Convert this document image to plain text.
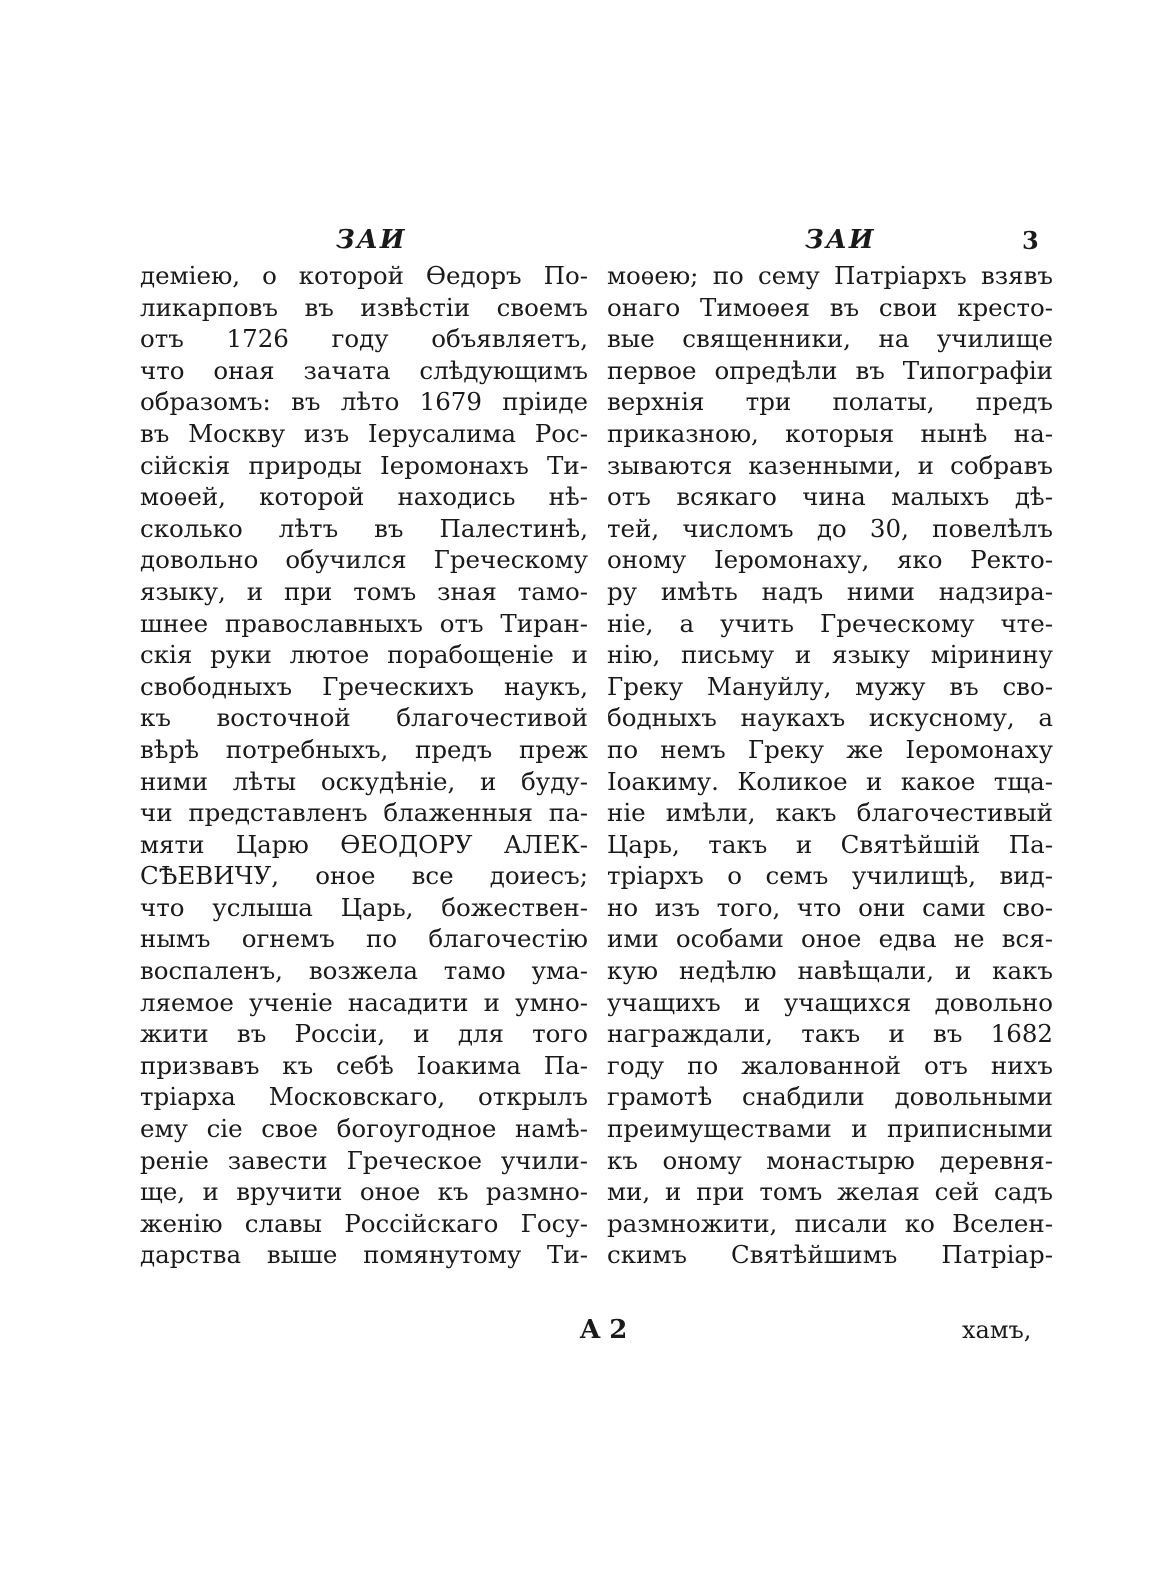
ЗАИ	ЗАИ	3
деміею, о которой Ѳедоръ По-
ликарповъ въ извѣстіи своемъ
отъ 1726 году объявляетъ,
что оная зачата слѣдующимъ
образомъ: въ лѣто 1679 пріиде
въ Москву изъ Іерусалима Рос-
сійскія природы Іеромонахъ Ти-
моѳей, которой находись нѣ-
сколько лѣтъ въ Палестинѣ,
довольно обучился Греческому
языку, и при томъ зная тамо-
шнее православныхъ отъ Тиран-
скія руки лютое порабощеніе и
свободныхъ Греческихъ наукъ,
къ восточной благочестивой
вѣрѣ потребныхъ, предъ преж
ними лѣты оскудѣніе, и буду-
чи представленъ блаженныя па-
мяти Царю ѲЕОДОРУ АЛЕК-
СѢЕВИЧУ, оное все доиесъ;
что услыша Царь, божествен-
нымъ огнемъ по благочестію
воспаленъ, возжела тамо ума-
ляемое ученіе насадити и умно-
жити въ Россіи, и для того
призвавъ къ себѣ Іоакима Па-
тріарха Московскаго, открылъ
ему сіе свое богоугодное намѣ-
реніе завести Греческое учили-
ще, и вручити оное къ размно-
женію славы Россійскаго Госу-
дарства выше помянутому Ти-
моѳею; по сему Патріархъ взявъ
онаго Тимоѳея въ свои кресто-
вые священники, на училище
первое опредѣли въ Типографіи
верхнія три полаты, предъ
приказною, которыя нынѣ на-
зываются казенными, и собравъ
отъ всякаго чина малыхъ дѣ-
тей, числомъ до 30, повелѣлъ
оному Іеромонаху, яко Ректо-
ру имѣть надъ ними надзира-
ніе, а учить Греческому чте-
нію, письму и языку міринину
Греку Мануйлу, мужу въ сво-
бодныхъ наукахъ искусному, а
по немъ Греку же Іеромонаху
Іоакиму. Коликое и какое тща-
ніе имѣли, какъ благочестивый
Царь, такъ и Святѣйшій Па-
тріархъ о семъ училищѣ, вид-
но изъ того, что они сами сво-
ими особами оное едва не вся-
кую недѣлю навѣщали, и какъ
учащихъ и учащихся довольно
награждали, такъ и въ 1682
году по жалованной отъ нихъ
грамотѣ снабдили довольными
преимуществами и приписными
къ оному монастырю деревня-
ми, и при томъ желая сей садъ
размножити, писали ко Вселен-
скимъ Святѣйшимъ Патріар-
A 2	хамъ,
